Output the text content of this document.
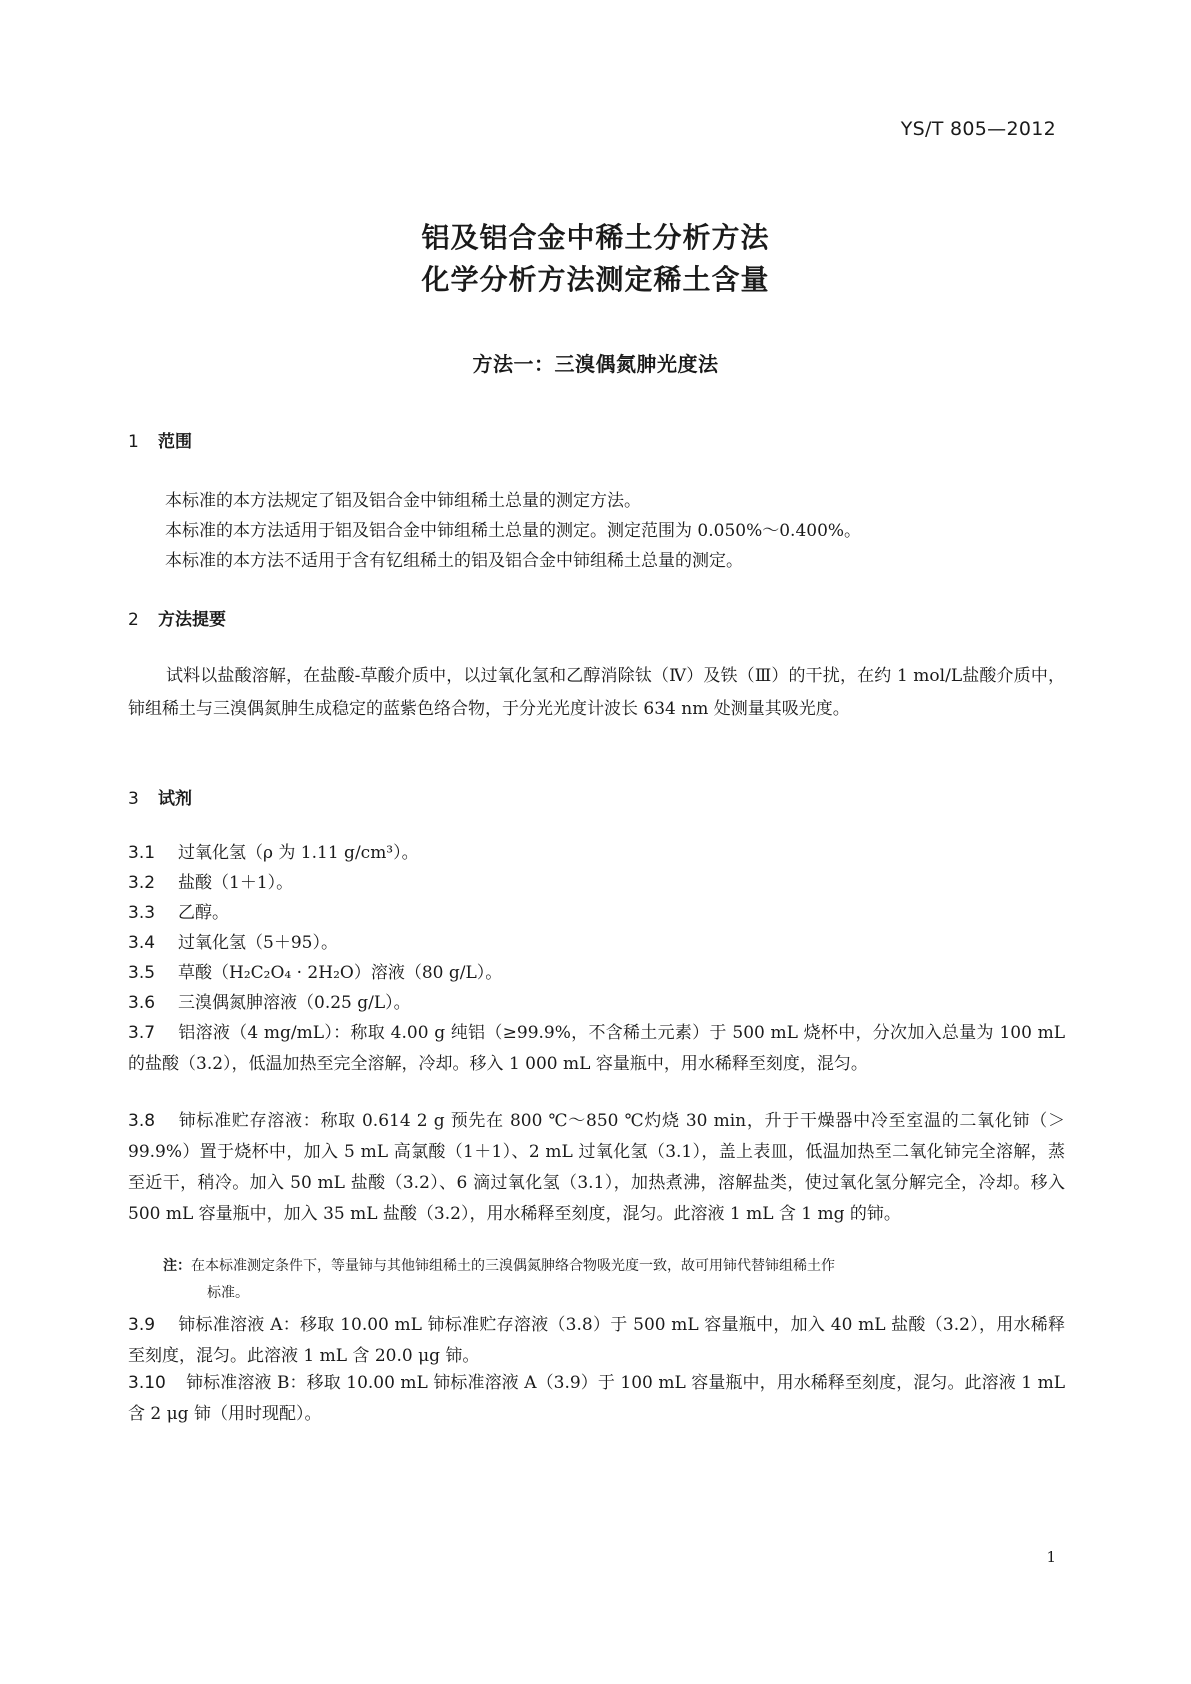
YS/T 805—2012
铝及铝合金中稀土分析方法
化学分析方法测定稀土含量
方法一：三溴偶氮胂光度法
1 范围
本标准的本方法规定了铝及铝合金中铈组稀土总量的测定方法。
本标准的本方法适用于铝及铝合金中铈组稀土总量的测定。测定范围为 0.050%～0.400%。
本标准的本方法不适用于含有钇组稀土的铝及铝合金中铈组稀土总量的测定。
2 方法提要
试料以盐酸溶解，在盐酸-草酸介质中，以过氧化氢和乙醇消除钛（Ⅳ）及铁（Ⅲ）的干扰，在约 1 mol/L盐酸介质中，铈组稀土与三溴偶氮胂生成稳定的蓝紫色络合物，于分光光度计波长 634 nm 处测量其吸光度。
3 试剂
3.1 过氧化氢（ρ 为 1.11 g/cm³）。
3.2 盐酸（1＋1）。
3.3 乙醇。
3.4 过氧化氢（5＋95）。
3.5 草酸（H₂C₂O₄ · 2H₂O）溶液（80 g/L）。
3.6 三溴偶氮胂溶液（0.25 g/L）。
3.7 铝溶液（4 mg/mL）：称取 4.00 g 纯铝（≥99.9%，不含稀土元素）于 500 mL 烧杯中，分次加入总量为 100 mL 的盐酸（3.2），低温加热至完全溶解，冷却。移入 1 000 mL 容量瓶中，用水稀释至刻度，混匀。
3.8 铈标准贮存溶液：称取 0.614 2 g 预先在 800 ℃～850 ℃灼烧 30 min，升于干燥器中冷至室温的二氧化铈（＞99.9%）置于烧杯中，加入 5 mL 高氯酸（1＋1）、2 mL 过氧化氢（3.1），盖上表皿，低温加热至二氧化铈完全溶解，蒸至近干，稍冷。加入 50 mL 盐酸（3.2）、6 滴过氧化氢（3.1），加热煮沸，溶解盐类，使过氧化氢分解完全，冷却。移入 500 mL 容量瓶中，加入 35 mL 盐酸（3.2），用水稀释至刻度，混匀。此溶液 1 mL 含 1 mg 的铈。
注：在本标准测定条件下，等量铈与其他铈组稀土的三溴偶氮胂络合物吸光度一致，故可用铈代替铈组稀土作
标准。
3.9 铈标准溶液 A：移取 10.00 mL 铈标准贮存溶液（3.8）于 500 mL 容量瓶中，加入 40 mL 盐酸（3.2），用水稀释至刻度，混匀。此溶液 1 mL 含 20.0 μg 铈。
3.10 铈标准溶液 B：移取 10.00 mL 铈标准溶液 A（3.9）于 100 mL 容量瓶中，用水稀释至刻度，混匀。此溶液 1 mL 含 2 μg 铈（用时现配）。
1
